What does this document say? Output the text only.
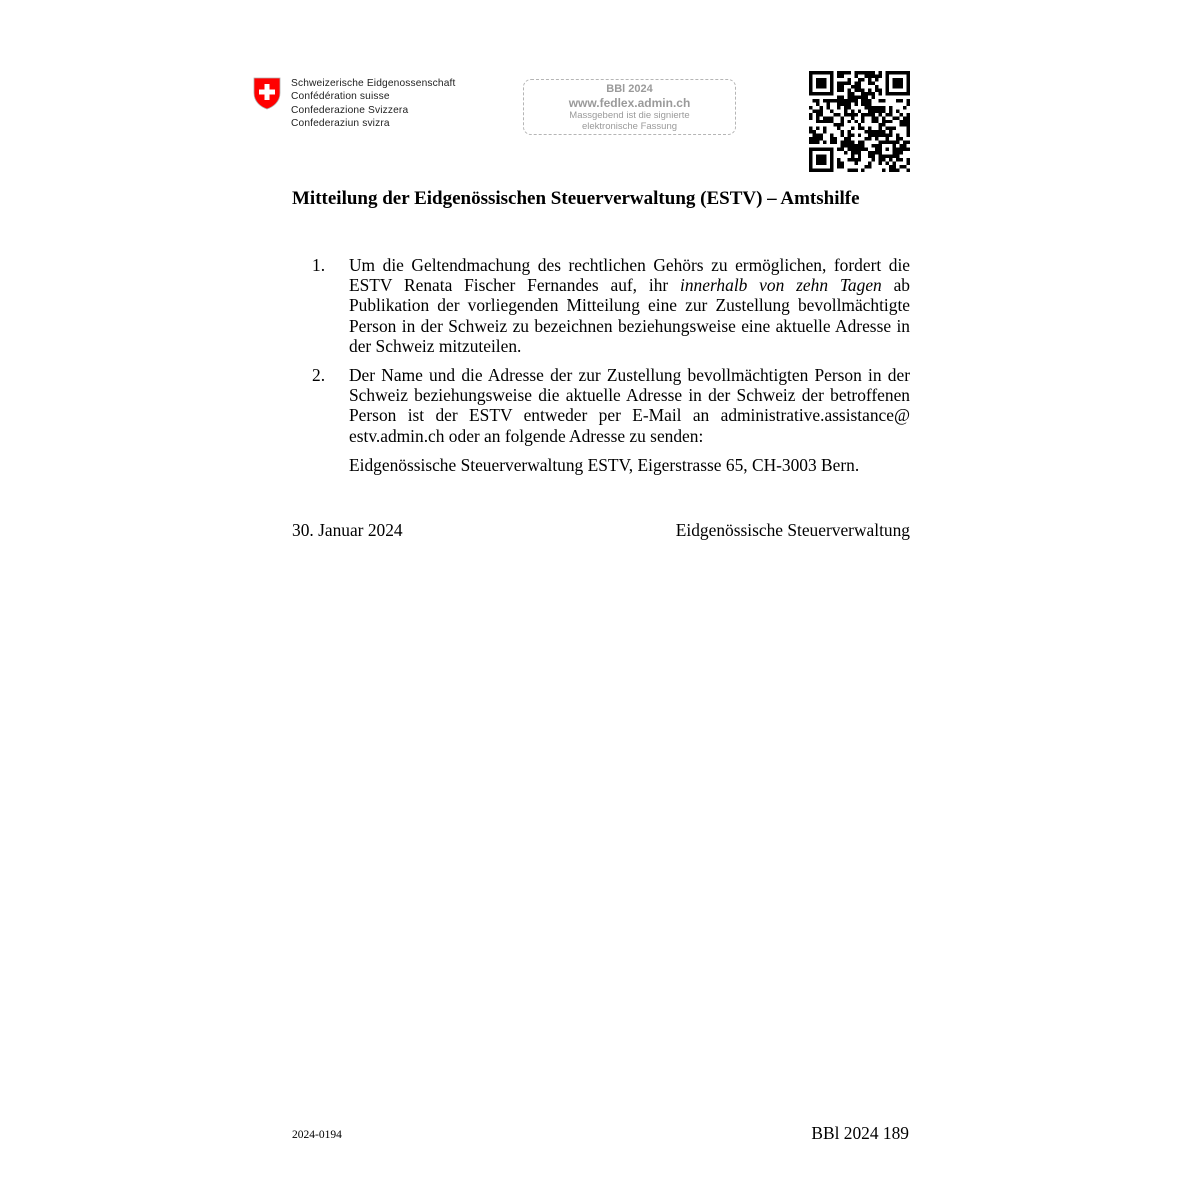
Schweizerische Eidgenossenschaft
Confédération suisse
Confederazione Svizzera
Confederaziun svizra
BBl 2024
www.fedlex.admin.ch
Massgebend ist die signierte
elektronische Fassung
Mitteilung der Eidgenössischen Steuerverwaltung (ESTV) – Amtshilfe
1. Um die Geltendmachung des rechtlichen Gehörs zu ermöglichen, fordert die ESTV Renata Fischer Fernandes auf, ihr innerhalb von zehn Tagen ab Publikation der vorliegenden Mitteilung eine zur Zustellung bevollmächtigte Person in der Schweiz zu bezeichnen beziehungsweise eine aktuelle Adresse in der Schweiz mitzuteilen.

2. Der Name und die Adresse der zur Zustellung bevollmächtigten Person in der Schweiz beziehungsweise die aktuelle Adresse in der Schweiz der betroffenen Person ist der ESTV entweder per E-Mail an administrative.assistance@ estv.admin.ch oder an folgende Adresse zu senden:

Eidgenössische Steuerverwaltung ESTV, Eigerstrasse 65, CH-3003 Bern.

30. Januar 2024	Eidgenössische Steuerverwaltung
2024-0194	BBl 2024 189
